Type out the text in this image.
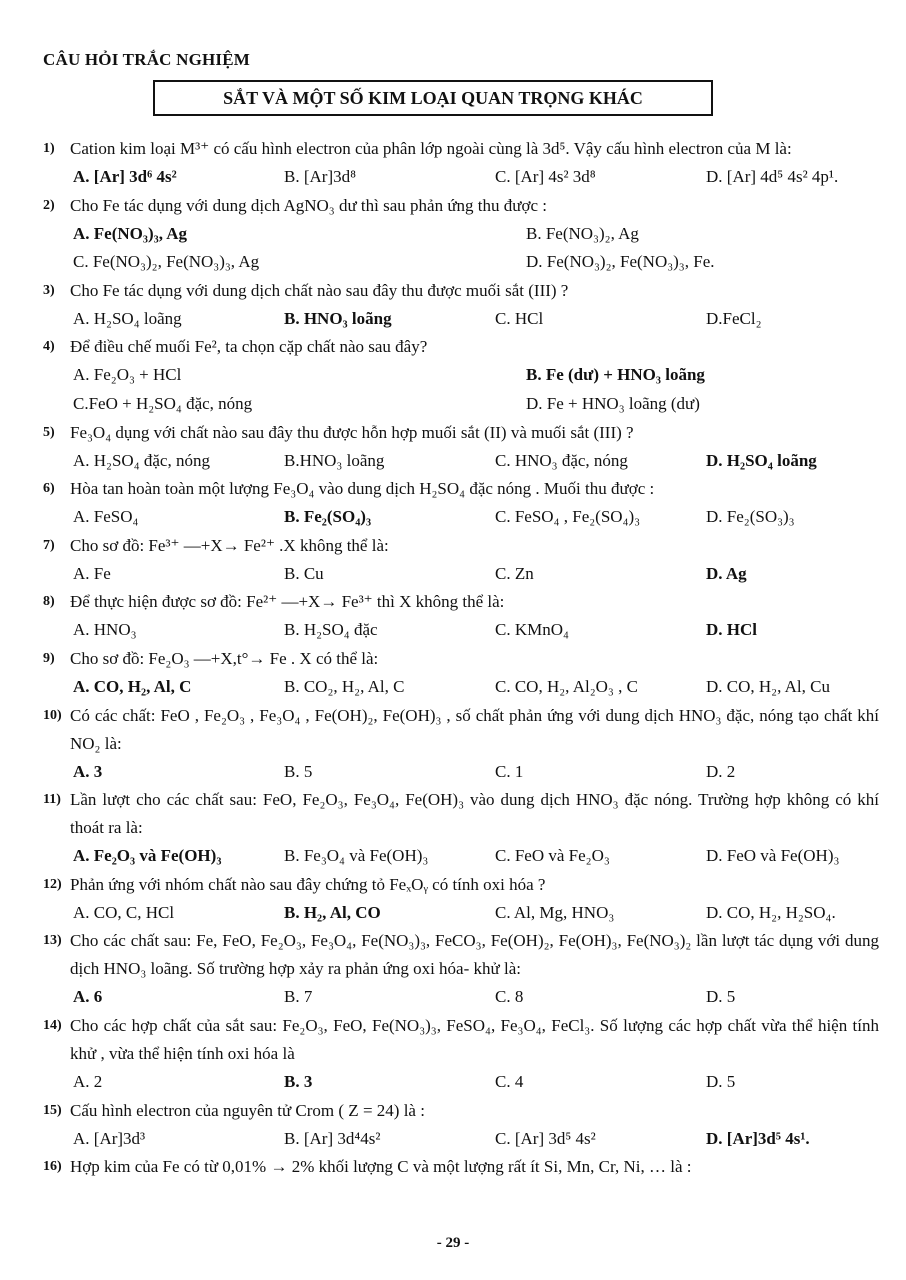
CÂU HỎI TRẮC NGHIỆM
SẮT VÀ MỘT SỐ KIM LOẠI QUAN TRỌNG KHÁC
1) Cation kim loại M³⁺ có cấu hình electron của phân lớp ngoài cùng là 3d⁵. Vậy cấu hình electron của M là:
A. [Ar] 3d⁶ 4s²	B. [Ar]3d⁸	C. [Ar] 4s² 3d⁸	D. [Ar] 4d⁵ 4s² 4p¹.
2) Cho Fe tác dụng với dung dịch AgNO₃ dư thì sau phản ứng thu được :
A. Fe(NO₃)₃, Ag	B. Fe(NO₃)₂, Ag
C. Fe(NO₃)₂, Fe(NO₃)₃, Ag	D. Fe(NO₃)₂, Fe(NO₃)₃, Fe.
3) Cho Fe tác dụng với dung dịch chất nào sau đây thu được muối sắt (III) ?
A. H₂SO₄ loãng	B. HNO₃ loãng	C. HCl	D.FeCl₂
4) Để điều chế muối Fe², ta chọn cặp chất nào sau đây?
A. Fe₂O₃ + HCl	B. Fe (dư) + HNO₃ loãng
C.FeO + H₂SO₄ đặc, nóng	D. Fe + HNO₃ loãng (dư)
5) Fe₃O₄ dụng với chất nào sau đây thu được hỗn hợp muối sắt (II) và muối sắt (III) ?
A. H₂SO₄ đặc, nóng	B.HNO₃ loãng	C. HNO₃ đặc, nóng	D. H₂SO₄ loãng
6) Hòa tan hoàn toàn một lượng Fe₃O₄ vào dung dịch H₂SO₄ đặc nóng . Muối thu được :
A. FeSO₄	B. Fe₂(SO₄)₃	C. FeSO₄ , Fe₂(SO₄)₃	D. Fe₂(SO₃)₃
7) Cho sơ đồ: Fe³⁺ —+X→ Fe²⁺ .X không thể là:
A. Fe	B. Cu	C. Zn	D. Ag
8) Để thực hiện được sơ đồ: Fe²⁺ —+X→ Fe³⁺ thì X không thể là:
A. HNO₃	B. H₂SO₄ đặc	C. KMnO₄	D. HCl
9) Cho sơ đồ: Fe₂O₃ —+X,t°→ Fe . X có thể là:
A. CO, H₂, Al, C	B. CO₂, H₂, Al, C	C. CO, H₂, Al₂O₃ , C	D. CO, H₂, Al, Cu
10) Có các chất: FeO , Fe₂O₃ , Fe₃O₄ , Fe(OH)₂, Fe(OH)₃ , số chất phản ứng với dung dịch HNO₃ đặc, nóng tạo chất khí NO₂ là:
A. 3	B. 5	C. 1	D. 2
11) Lần lượt cho các chất sau: FeO, Fe₂O₃, Fe₃O₄, Fe(OH)₃ vào dung dịch HNO₃ đặc nóng. Trường hợp không có khí thoát ra là:
A. Fe₂O₃ và Fe(OH)₃	B. Fe₃O₄ và Fe(OH)₃	C. FeO và Fe₂O₃	D. FeO và Fe(OH)₃
12) Phản ứng với nhóm chất nào sau đây chứng tỏ FeₓOᵧ có tính oxi hóa ?
A. CO, C, HCl	B. H₂, Al, CO	C. Al, Mg, HNO₃	D. CO, H₂, H₂SO₄.
13) Cho các chất sau: Fe, FeO, Fe₂O₃, Fe₃O₄, Fe(NO₃)₃, FeCO₃, Fe(OH)₂, Fe(OH)₃, Fe(NO₃)₂ lần lượt tác dụng với dung dịch HNO₃ loãng. Số trường hợp xảy ra phản ứng oxi hóa- khử là:
A. 6	B. 7	C. 8	D. 5
14) Cho các hợp chất của sắt sau: Fe₂O₃, FeO, Fe(NO₃)₃, FeSO₄, Fe₃O₄, FeCl₃. Số lượng các hợp chất vừa thể hiện tính khử , vừa thể hiện tính oxi hóa là
A. 2	B. 3	C. 4	D. 5
15) Cấu hình electron của nguyên tử Crom ( Z = 24) là :
A. [Ar]3d³	B. [Ar] 3d⁴4s²	C. [Ar] 3d⁵ 4s²	D. [Ar]3d⁵ 4s¹.
16) Hợp kim của Fe có từ 0,01% → 2% khối lượng C và một lượng rất ít Si, Mn, Cr, Ni, … là :
- 29 -
